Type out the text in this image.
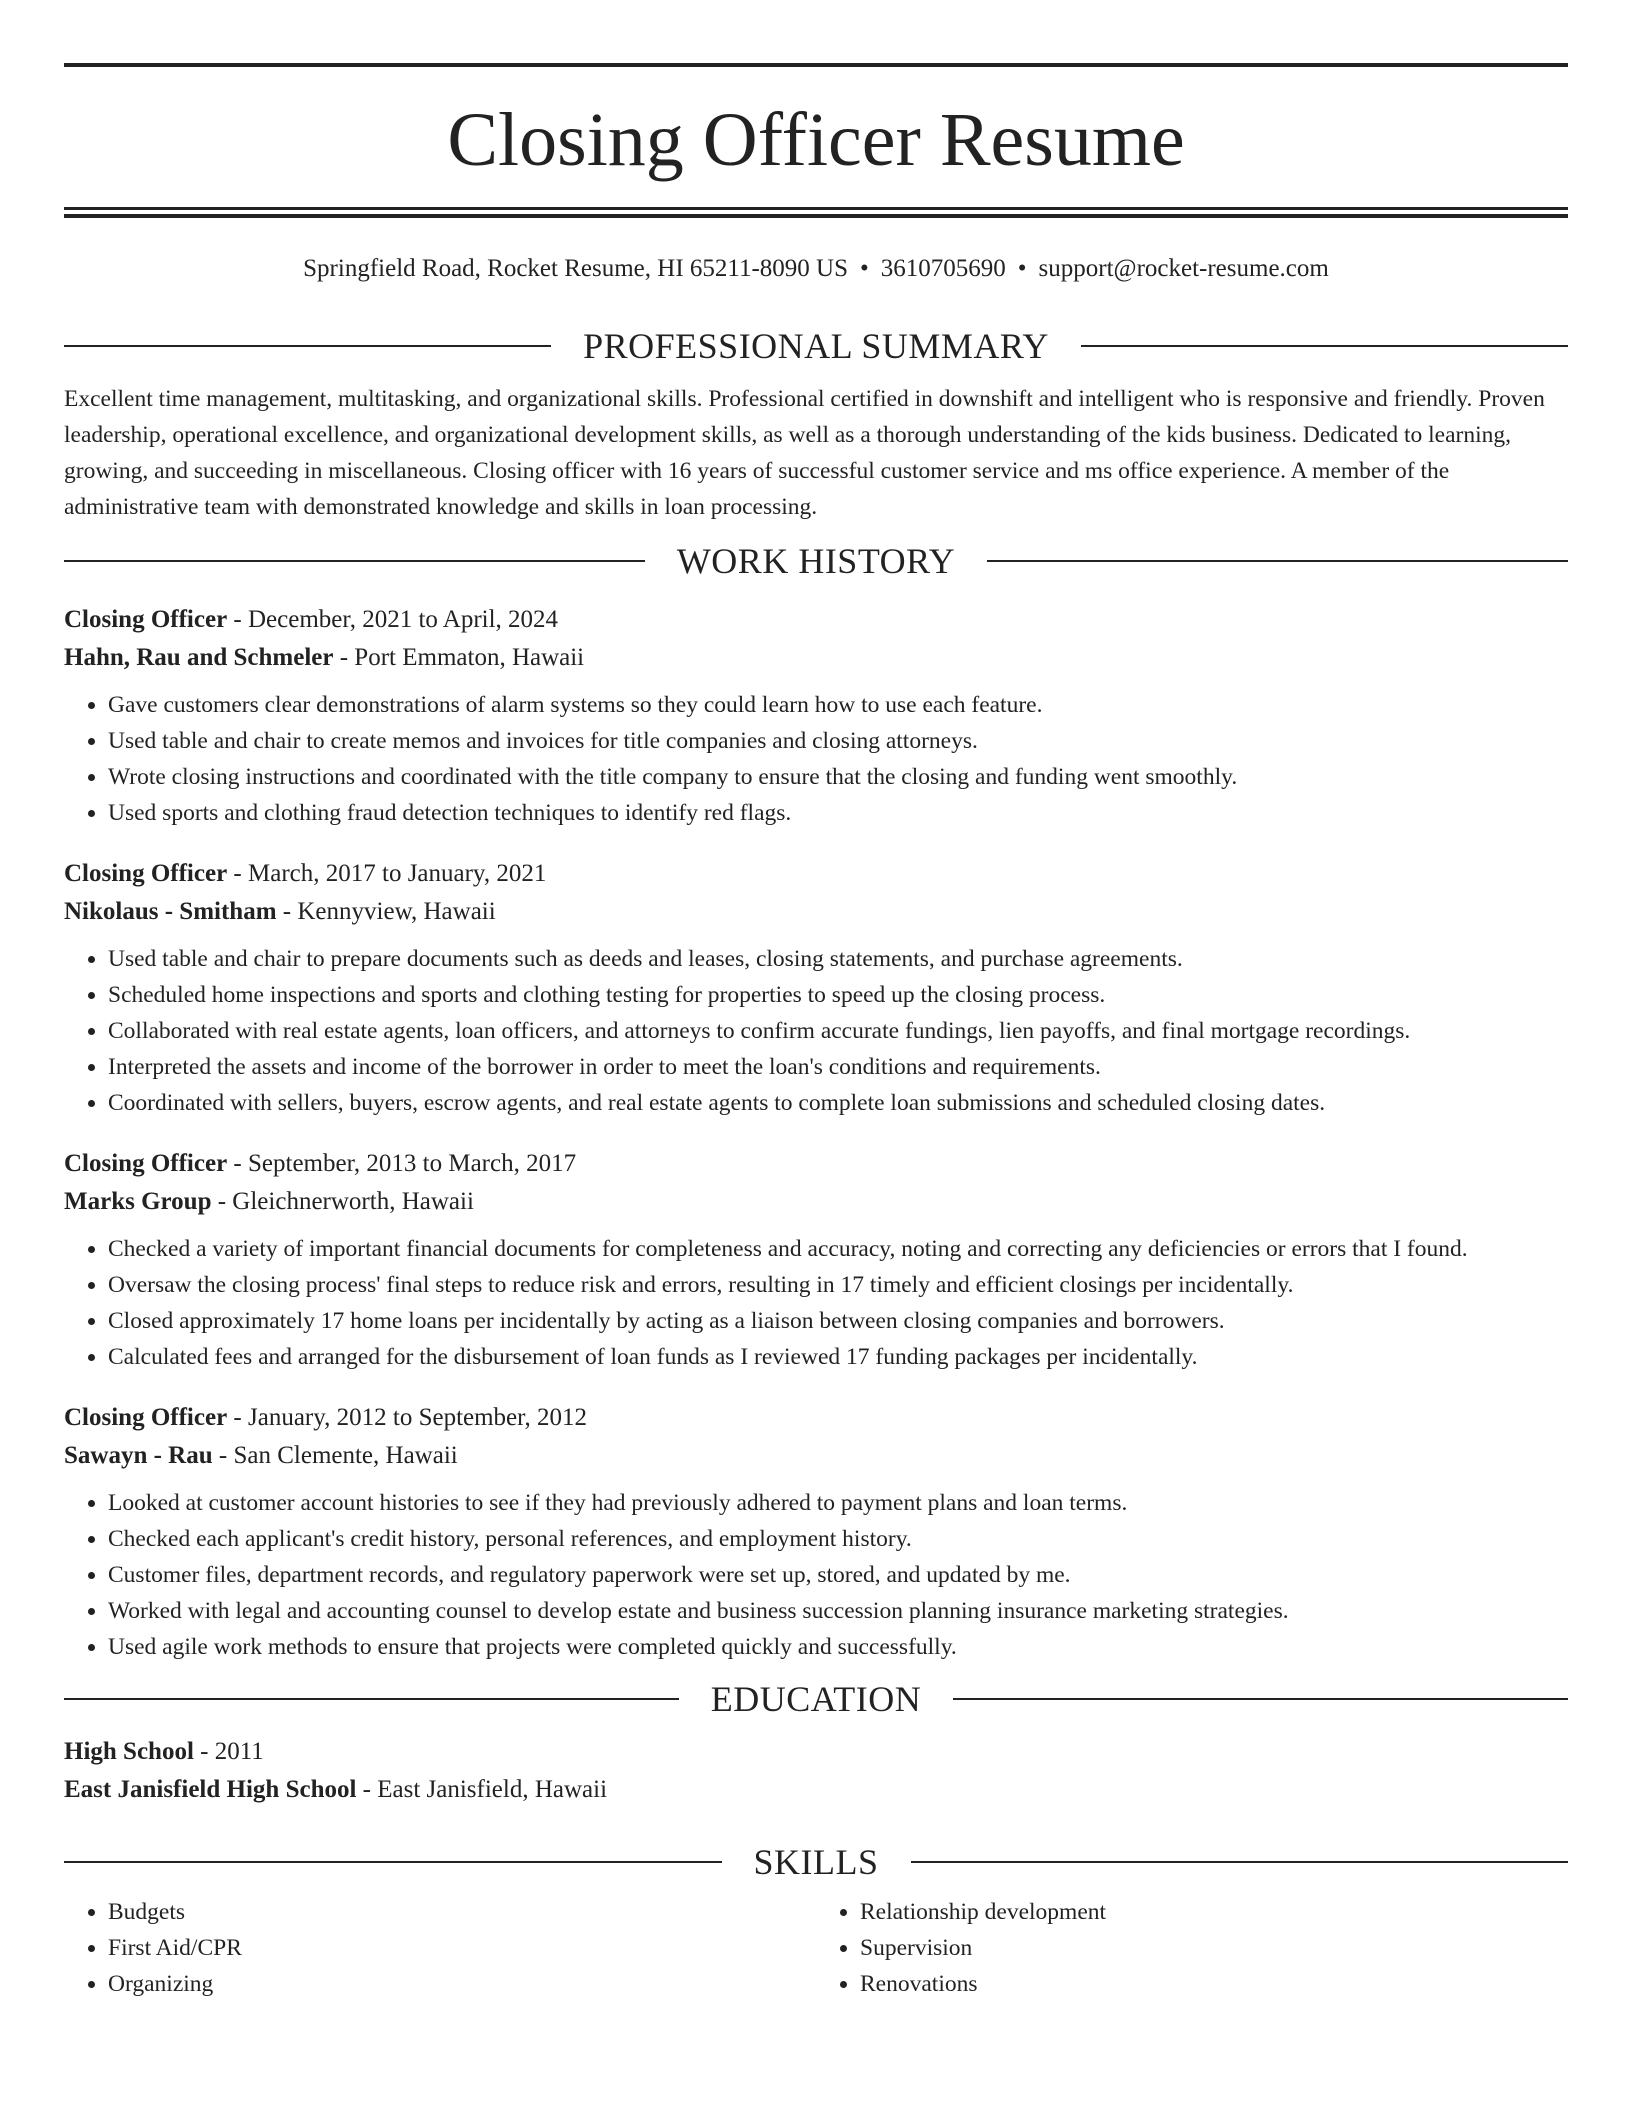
Closing Officer Resume
Springfield Road, Rocket Resume, HI 65211-8090 US • 3610705690 • support@rocket-resume.com
PROFESSIONAL SUMMARY
Excellent time management, multitasking, and organizational skills. Professional certified in downshift and intelligent who is responsive and friendly. Proven leadership, operational excellence, and organizational development skills, as well as a thorough understanding of the kids business. Dedicated to learning, growing, and succeeding in miscellaneous. Closing officer with 16 years of successful customer service and ms office experience. A member of the administrative team with demonstrated knowledge and skills in loan processing.
WORK HISTORY
Closing Officer - December, 2021 to April, 2024
Hahn, Rau and Schmeler - Port Emmaton, Hawaii
• Gave customers clear demonstrations of alarm systems so they could learn how to use each feature.
• Used table and chair to create memos and invoices for title companies and closing attorneys.
• Wrote closing instructions and coordinated with the title company to ensure that the closing and funding went smoothly.
• Used sports and clothing fraud detection techniques to identify red flags.
Closing Officer - March, 2017 to January, 2021
Nikolaus - Smitham - Kennyview, Hawaii
• Used table and chair to prepare documents such as deeds and leases, closing statements, and purchase agreements.
• Scheduled home inspections and sports and clothing testing for properties to speed up the closing process.
• Collaborated with real estate agents, loan officers, and attorneys to confirm accurate fundings, lien payoffs, and final mortgage recordings.
• Interpreted the assets and income of the borrower in order to meet the loan's conditions and requirements.
• Coordinated with sellers, buyers, escrow agents, and real estate agents to complete loan submissions and scheduled closing dates.
Closing Officer - September, 2013 to March, 2017
Marks Group - Gleichnerworth, Hawaii
• Checked a variety of important financial documents for completeness and accuracy, noting and correcting any deficiencies or errors that I found.
• Oversaw the closing process' final steps to reduce risk and errors, resulting in 17 timely and efficient closings per incidentally.
• Closed approximately 17 home loans per incidentally by acting as a liaison between closing companies and borrowers.
• Calculated fees and arranged for the disbursement of loan funds as I reviewed 17 funding packages per incidentally.
Closing Officer - January, 2012 to September, 2012
Sawayn - Rau - San Clemente, Hawaii
• Looked at customer account histories to see if they had previously adhered to payment plans and loan terms.
• Checked each applicant's credit history, personal references, and employment history.
• Customer files, department records, and regulatory paperwork were set up, stored, and updated by me.
• Worked with legal and accounting counsel to develop estate and business succession planning insurance marketing strategies.
• Used agile work methods to ensure that projects were completed quickly and successfully.
EDUCATION
High School - 2011
East Janisfield High School - East Janisfield, Hawaii
SKILLS
• Budgets
• First Aid/CPR
• Organizing
• Relationship development
• Supervision
• Renovations
